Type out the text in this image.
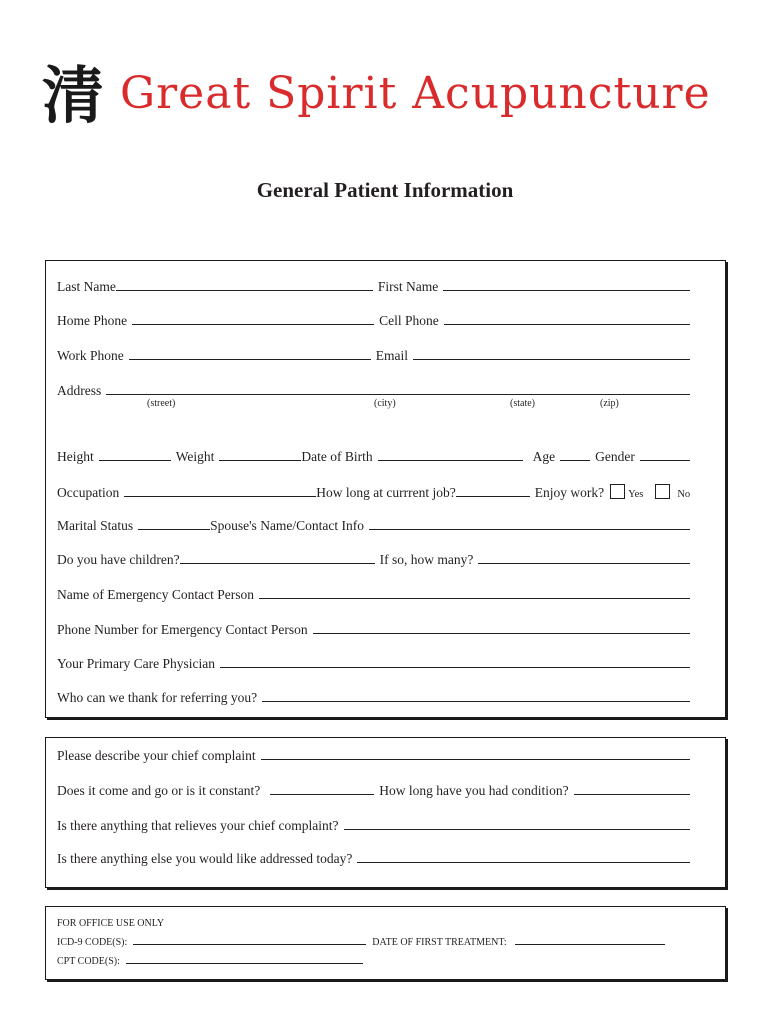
清 Great Spirit Acupuncture
General Patient Information
Last Name	First Name
Home Phone	Cell Phone
Work Phone	Email
Address
(street)	(city)	(state)	(zip)
Height	Weight	Date of Birth	Age	Gender
Occupation	How long at currrent job?	Enjoy work? Yes	No
Marital Status	Spouse's Name/Contact Info
Do you have children?	If so, how many?
Name of Emergency Contact Person
Phone Number for Emergency Contact Person
Your Primary Care Physician
Who can we thank for referring you?
Please describe your chief complaint
Does it come and go or is it constant?	How long have you had condition?
Is there anything that relieves your chief complaint?
Is there anything else you would like addressed today?
FOR OFFICE USE ONLY
ICD-9 CODE(S):	DATE OF FIRST TREATMENT:
CPT CODE(S):
